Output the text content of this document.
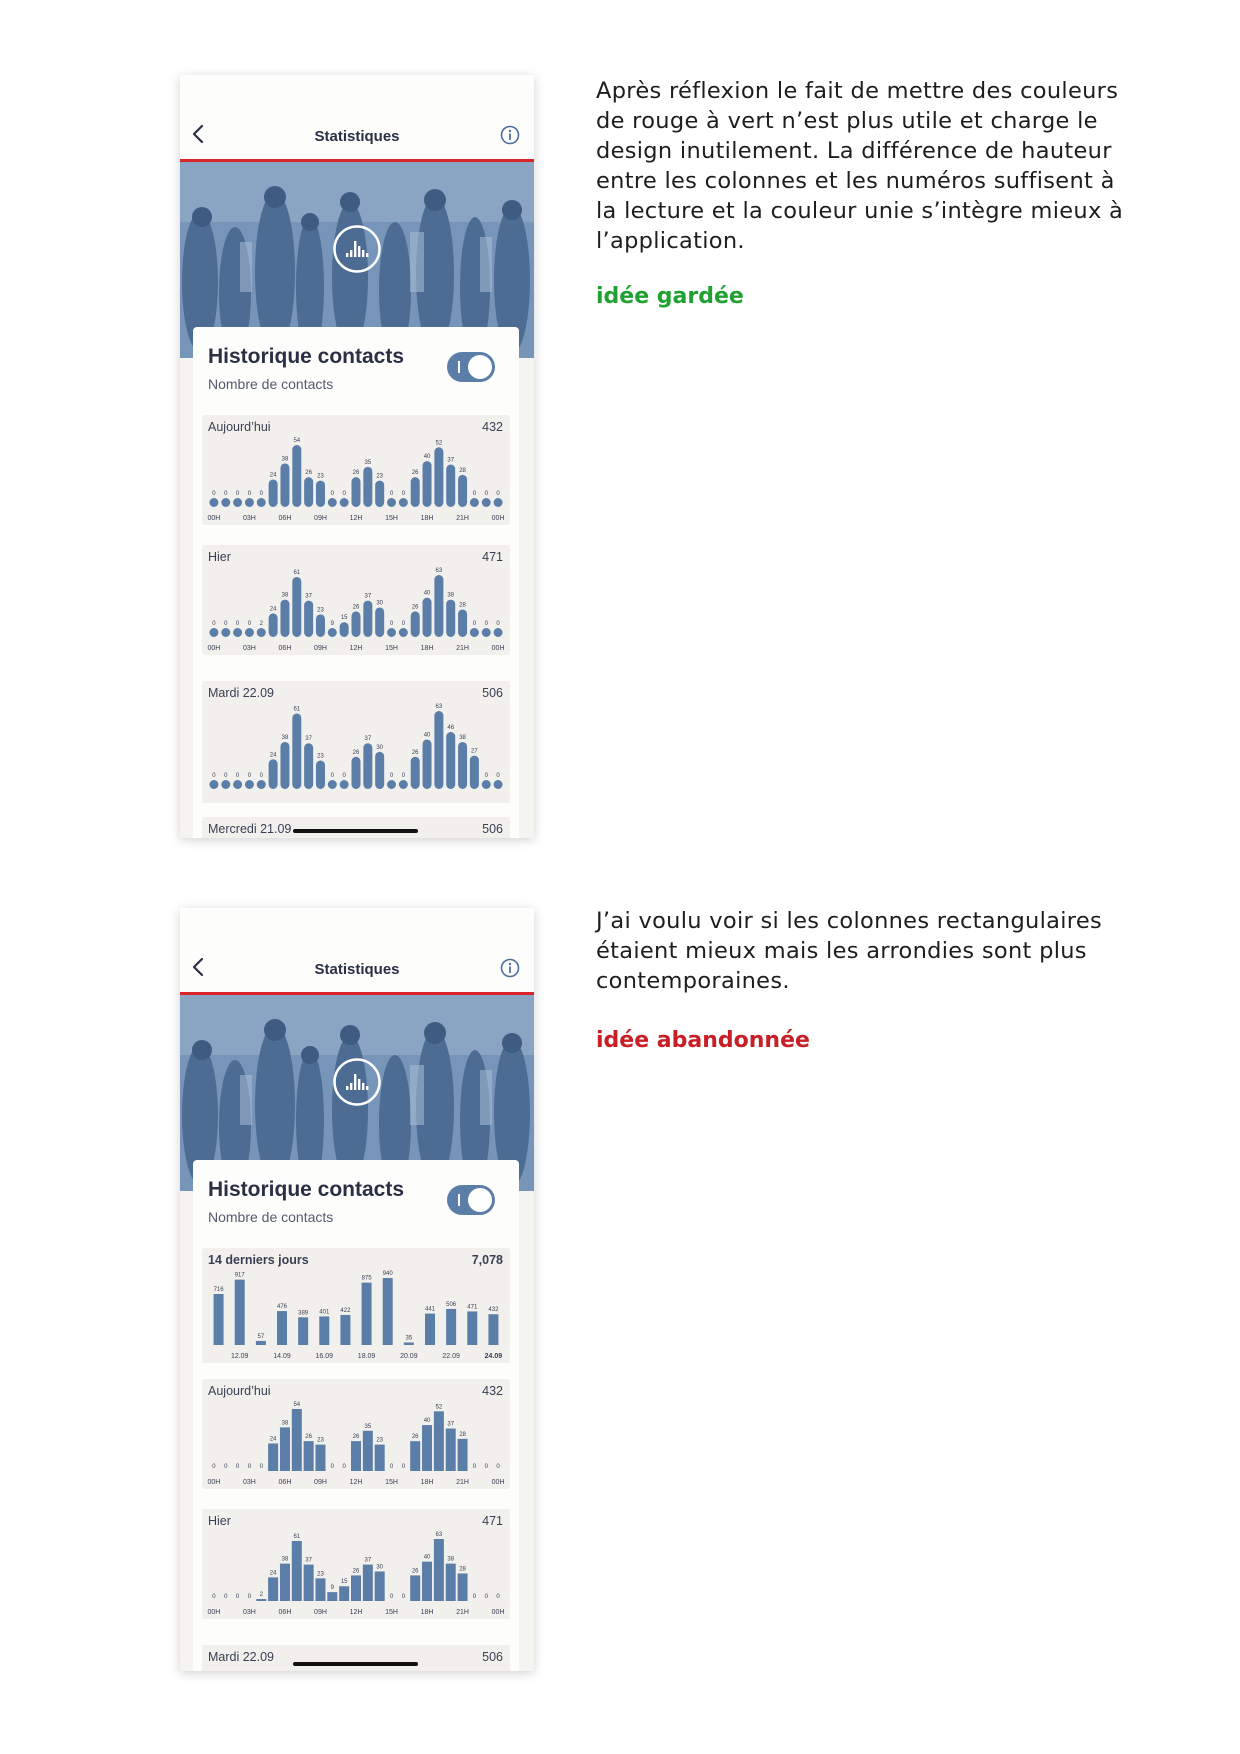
Statistiques
Historique contacts
Nombre de contacts
0 0 0 0 0
24
38
54
26
23
0 0
26
35
23
0 0
26
40
52
37
28
0 0 0
00H	03H	06H	09H	12H	15H	18H	21H	00H
Aujourd’hui	432
0 0 0 0 2
24
38
61
37
23
9
15
26
37
30
0 0
26
40
63
38
28
0 0 0
00H	03H	06H	09H	12H	15H	18H	21H	00H
Hier	471
0 0 0 0 0
24
38
61
37
23
0 0
26
37
30
0 0
26
40
63
46
38
27
0 0
Mardi 22.09	506
Mercredi 21.09	506
Après réflexion le fait de mettre des couleurs
de rouge à vert n’est plus utile et charge le
design inutilement. La différence de hauteur
entre les colonnes et les numéros suffisent à
la lecture et la couleur unie s’intègre mieux à
l’application.
idée gardée
Statistiques
Historique contacts
Nombre de contacts
716
917
57
476
389 401 422
875
940
35
441
506 471 432
12.09	14.09	16.09	18.09	20.09	22.09	24.09
14 derniers jours	7,078
0 0 0 0 0
24
38
54
26
23
0 0
26
35
23
0 0
26
40
52
37
28
0 0 0
00H	03H	06H	09H	12H	15H	18H	21H	00H
Aujourd’hui	432
0 0 0 0 2
24
38
61
37
23
9
15
26
37
30
0 0
26
40
63
38
28
0 0 0
00H	03H	06H	09H	12H	15H	18H	21H	00H
Hier	471
Mardi 22.09	506
J’ai voulu voir si les colonnes rectangulaires
étaient mieux mais les arrondies sont plus
contemporaines.
idée abandonnée
